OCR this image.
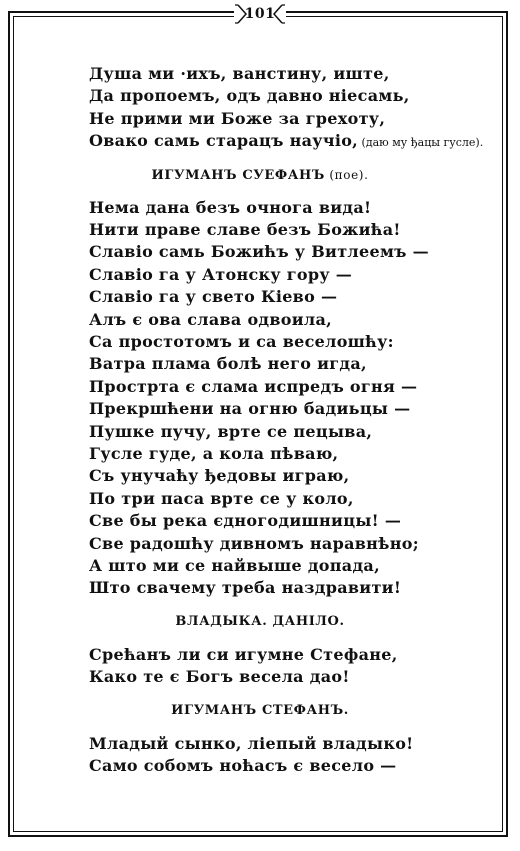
101
Душа ми ·ихъ, ванстину, иште,
Да пропоемъ, одъ давно нiесамь,
Не прими ми Боже за грехоту,
Овако самь старацъ научiо, (даю му ђацы гусле).
ИГУМАНЪ СУЕФАНЪ (пое).
Нема дана безъ очнога вида!
Нити праве славе безъ Божића!
Славiо самь Божићъ у Витлеемъ —
Славiо га у Атонску гору —
Славiо га у свето Кiево —
Алъ є ова слава одвоила,
Са простотомъ и са веселошћу:
Ватра плама болѣ него игда,
Прострта є слама испредъ огня —
Прекршћени на огню бадиьцы —
Пушке пучу, врте се пецыва,
Гусле гуде, а кола пѣваю,
Съ унучаћу ђедовы играю,
По три паса врте се у коло,
Све бы река єдногодишницы! —
Све радошћу дивномъ наравнѣно;
А што ми се найвыше допада,
Што свачему треба наздравити!
ВЛАДЫКА. ДАНIЛО.
Срећанъ ли си игумне Стефане,
Како те є Богъ весела дао!
ИГУМАНЪ СТЕФАНЪ.
Младый сынко, лiепый владыко!
Само собомъ ноћасъ є весело —
